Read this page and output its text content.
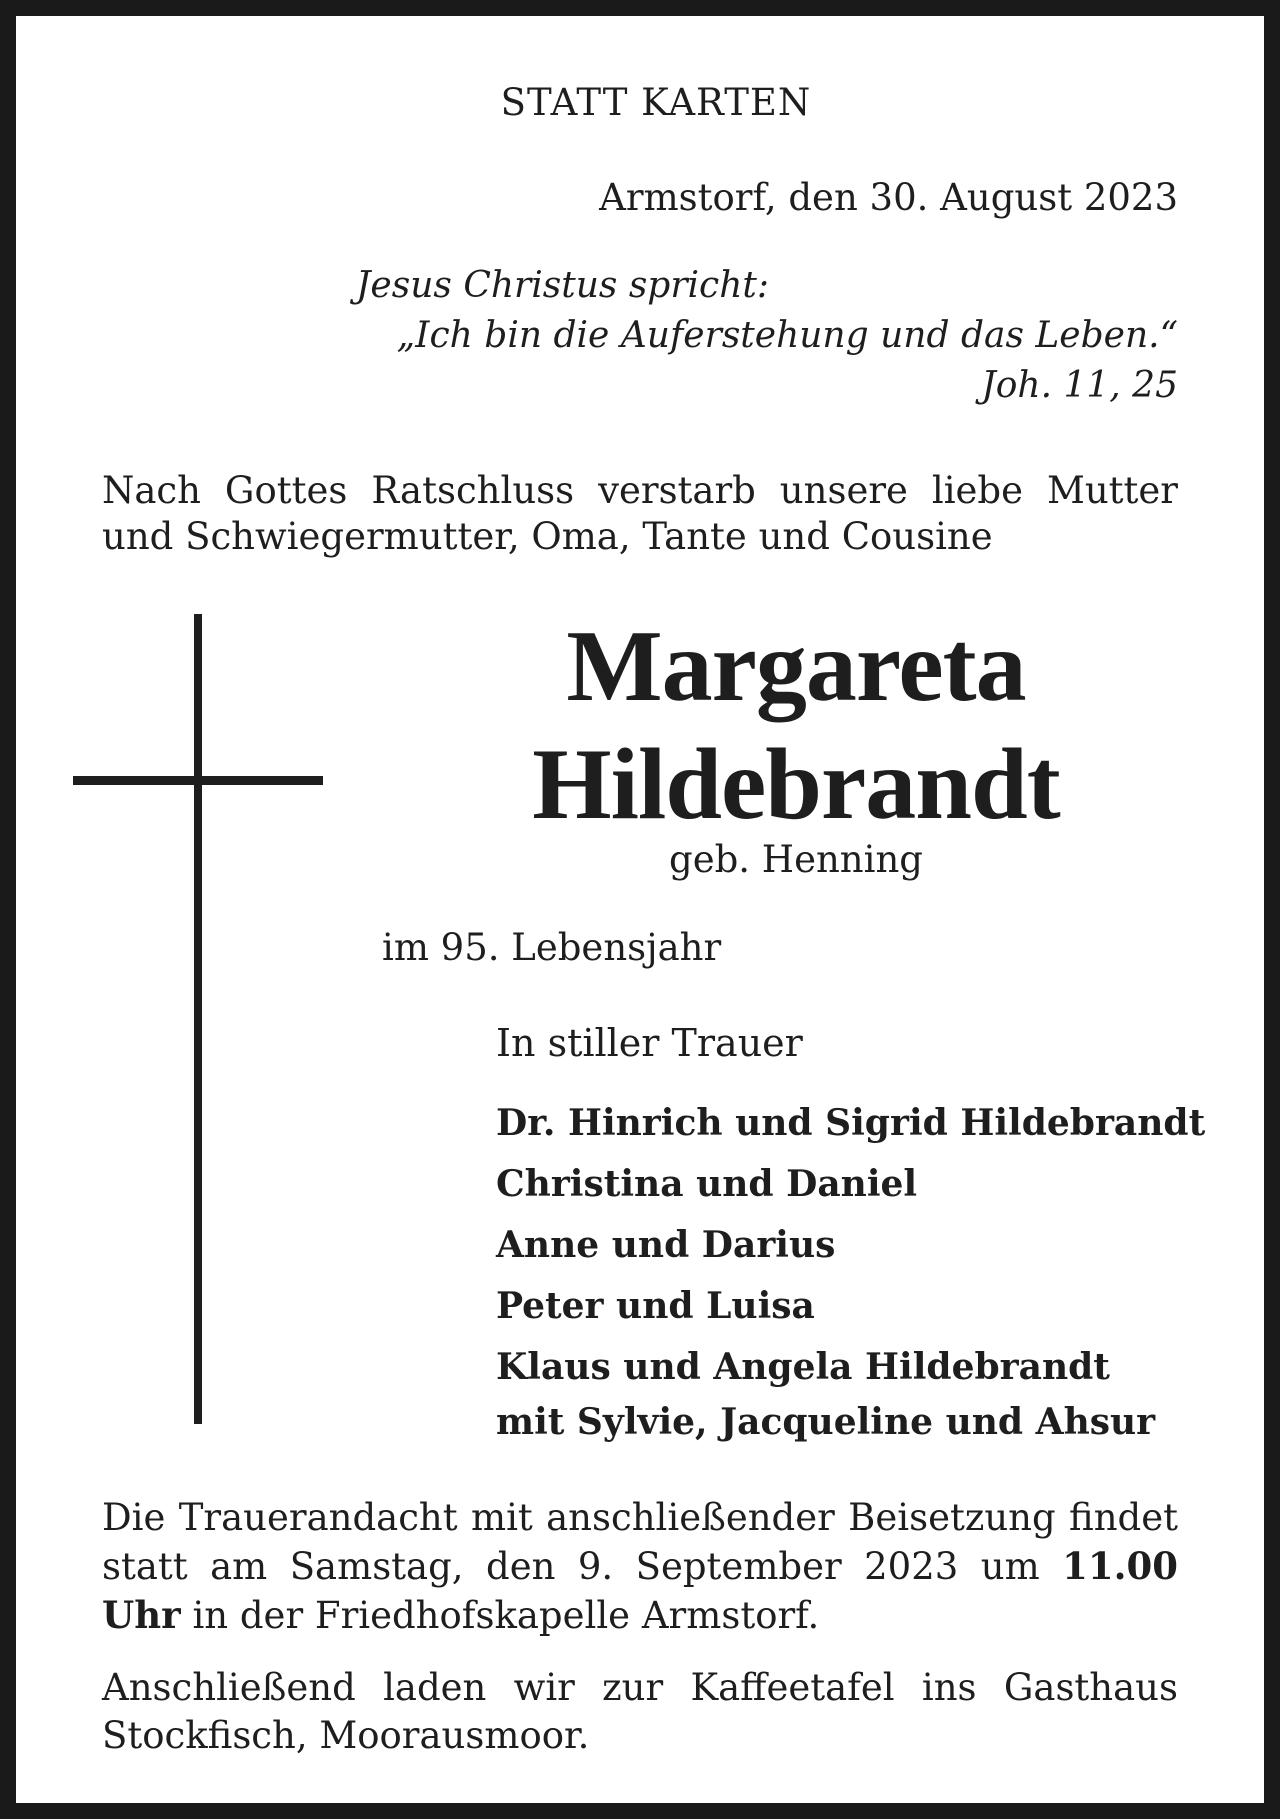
STATT KARTEN
Armstorf, den 30. August 2023
Jesus Christus spricht:
„Ich bin die Auferstehung und das Leben.“
Joh. 11, 25
Nach Gottes Ratschluss verstarb unsere liebe Mutter
und Schwiegermutter, Oma, Tante und Cousine
Margareta
Hildebrandt
geb. Henning
im 95. Lebensjahr
In stiller Trauer
Dr. Hinrich und Sigrid Hildebrandt
Christina und Daniel
Anne und Darius
Peter und Luisa
Klaus und Angela Hildebrandt
mit Sylvie, Jacqueline und Ahsur
Die Trauerandacht mit anschließender Beisetzung findet statt am Samstag, den 9. September 2023 um 11.00 Uhr in der Friedhofskapelle Armstorf.
Anschließend laden wir zur Kaffeetafel ins Gasthaus Stockfisch, Moorausmoor.
